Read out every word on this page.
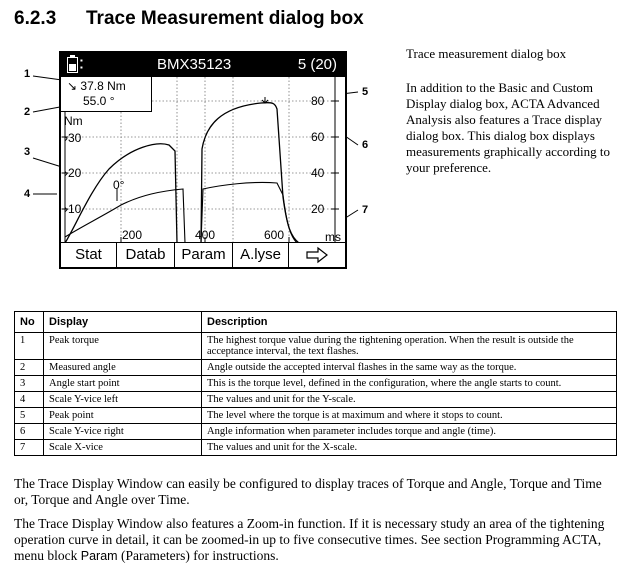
6.2.3 Trace Measurement dialog box
1
2
3
4
5
6
7
▪
▪	BMX35123	5 (20)
↘ 37.8 Nm
55.0 °
Nm
›30
›20
›10
0°
80
60
40
20
200	400	600	ms
Stat	Datab	Param A.lyse

Trace measurement dialog box

In addition to the Basic and Custom Display dialog box, ACTA Advanced Analysis also features a Trace display dialog box. This dialog box displays measurements graphically according to your preference.

No	Display	Description
1	Peak torque	The highest torque value during the tightening operation. When the result is outside the acceptance interval, the text flashes.
2	Measured angle	Angle outside the accepted interval flashes in the same way as the torque.
3	Angle start point	This is the torque level, defined in the configuration, where the angle starts to count.
4	Scale Y-vice left	The values and unit for the Y-scale.
5	Peak point	The level where the torque is at maximum and where it stops to count.
6	Scale Y-vice right	Angle information when parameter includes torque and angle (time).
7	Scale X-vice	The values and unit for the X-scale.
The Trace Display Window can easily be configured to display traces of Torque and Angle, Torque and Time or, Torque and Angle over Time.
The Trace Display Window also features a Zoom-in function. If it is necessary study an area of the tightening operation curve in detail, it can be zoomed-in up to five consecutive times. See section Programming ACTA, menu block Param (Parameters) for instructions.
